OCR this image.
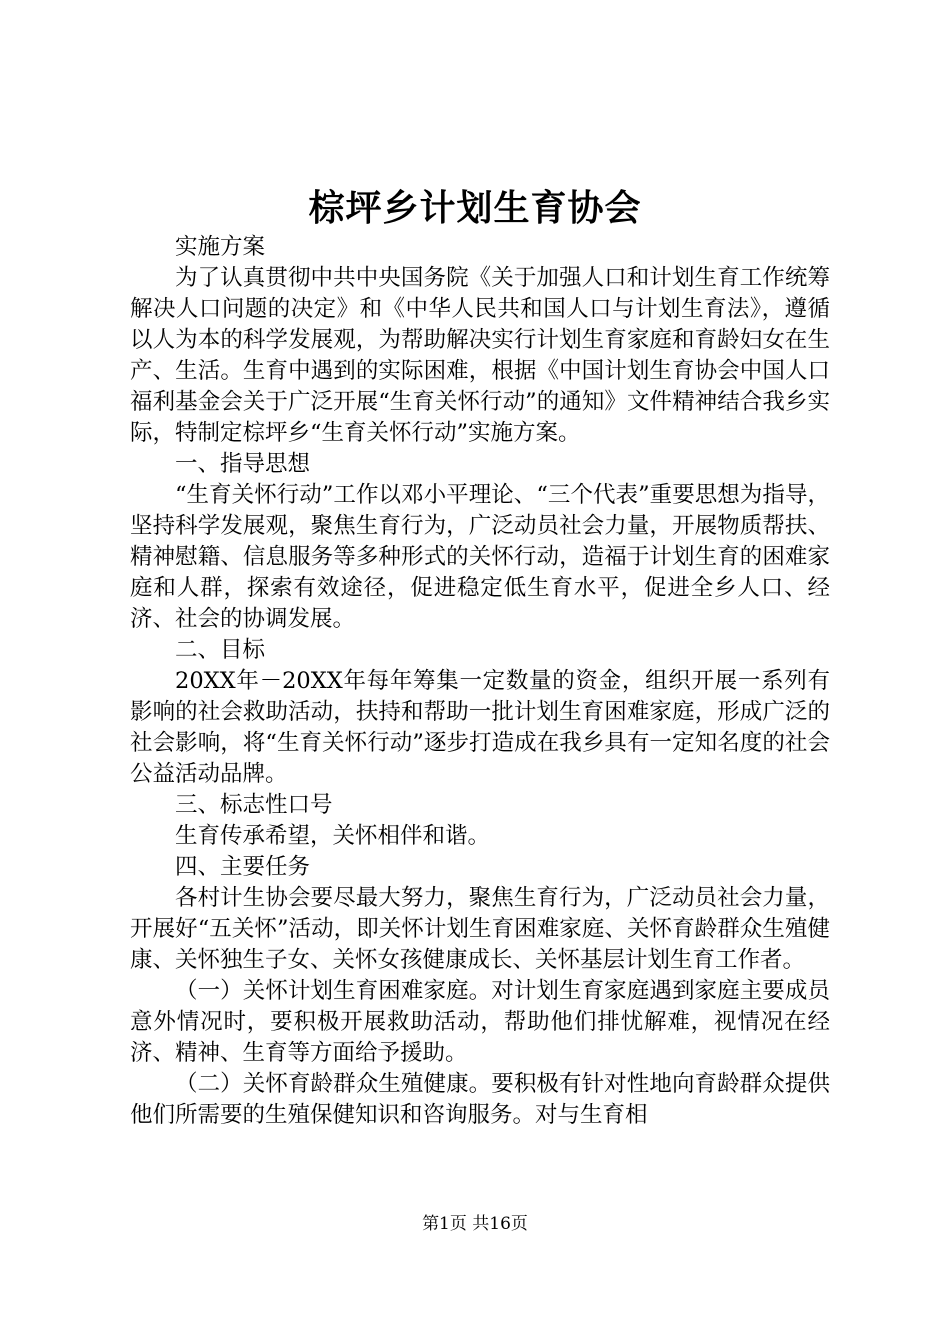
棕坪乡计划生育协会

实施方案

为了认真贯彻中共中央国务院《关于加强人口和计划生育工作统筹解决人口问题的决定》和《中华人民共和国人口与计划生育法》，遵循以人为本的科学发展观，为帮助解决实行计划生育家庭和育龄妇女在生产、生活。生育中遇到的实际困难，根据《中国计划生育协会中国人口福利基金会关于广泛开展“生育关怀行动”的通知》文件精神结合我乡实际，特制定棕坪乡“生育关怀行动”实施方案。

一、指导思想

“生育关怀行动”工作以邓小平理论、“三个代表”重要思想为指导，坚持科学发展观，聚焦生育行为，广泛动员社会力量，开展物质帮扶、精神慰籍、信息服务等多种形式的关怀行动，造福于计划生育的困难家庭和人群，探索有效途径，促进稳定低生育水平，促进全乡人口、经济、社会的协调发展。

二、目标

20XX年－20XX年每年筹集一定数量的资金，组织开展一系列有影响的社会救助活动，扶持和帮助一批计划生育困难家庭，形成广泛的社会影响，将“生育关怀行动”逐步打造成在我乡具有一定知名度的社会公益活动品牌。

三、标志性口号

生育传承希望，关怀相伴和谐。

四、主要任务

各村计生协会要尽最大努力，聚焦生育行为，广泛动员社会力量，开展好“五关怀”活动，即关怀计划生育困难家庭、关怀育龄群众生殖健康、关怀独生子女、关怀女孩健康成长、关怀基层计划生育工作者。

（一）关怀计划生育困难家庭。对计划生育家庭遇到家庭主要成员意外情况时，要积极开展救助活动，帮助他们排忧解难，视情况在经济、精神、生育等方面给予援助。

（二）关怀育龄群众生殖健康。要积极有针对性地向育龄群众提供他们所需要的生殖保健知识和咨询服务。对与生育相

第1页 共16页
